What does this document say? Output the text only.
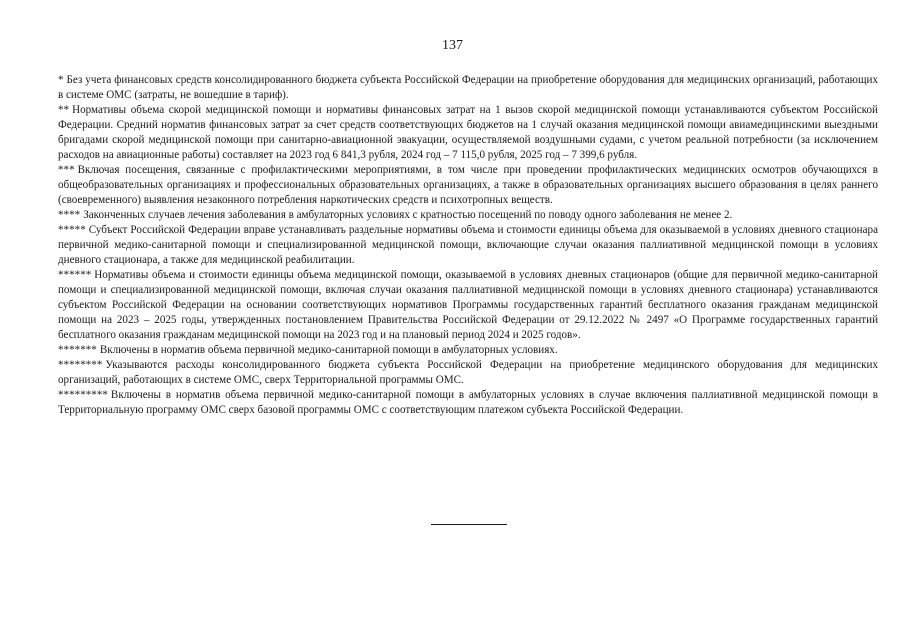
137

* Без учета финансовых средств консолидированного бюджета субъекта Российской Федерации на приобретение оборудования для медицинских организаций, работающих в системе ОМС (затраты, не вошедшие в тариф).

** Нормативы объема скорой медицинской помощи и нормативы финансовых затрат на 1 вызов скорой медицинской помощи устанавливаются субъектом Российской Федерации. Средний норматив финансовых затрат за счет средств соответствующих бюджетов на 1 случай оказания медицинской помощи авиамедицинскими выездными бригадами скорой медицинской помощи при санитарно-авиационной эвакуации, осуществляемой воздушными судами, с учетом реальной потребности (за исключением расходов на авиационные работы) составляет на 2023 год 6 841,3 рубля, 2024 год – 7 115,0 рубля, 2025 год – 7 399,6 рубля.

*** Включая посещения, связанные с профилактическими мероприятиями, в том числе при проведении профилактических медицинских осмотров обучающихся в общеобразовательных организациях и профессиональных образовательных организациях, а также в образовательных организациях высшего образования в целях раннего (своевременного) выявления незаконного потребления наркотических средств и психотропных веществ.

**** Законченных случаев лечения заболевания в амбулаторных условиях с кратностью посещений по поводу одного заболевания не менее 2.

***** Субъект Российской Федерации вправе устанавливать раздельные нормативы объема и стоимости единицы объема для оказываемой в условиях дневного стационара первичной медико-санитарной помощи и специализированной медицинской помощи, включающие случаи оказания паллиативной медицинской помощи в условиях дневного стационара, а также для медицинской реабилитации.

****** Нормативы объема и стоимости единицы объема медицинской помощи, оказываемой в условиях дневных стационаров (общие для первичной медико-санитарной помощи и специализированной медицинской помощи, включая случаи оказания паллиативной медицинской помощи в условиях дневного стационара) устанавливаются субъектом Российской Федерации на основании соответствующих нормативов Программы государственных гарантий бесплатного оказания гражданам медицинской помощи на 2023 – 2025 годы, утвержденных постановлением Правительства Российской Федерации от 29.12.2022 № 2497 «О Программе государственных гарантий бесплатного оказания гражданам медицинской помощи на 2023 год и на плановый период 2024 и 2025 годов».

******* Включены в норматив объема первичной медико-санитарной помощи в амбулаторных условиях.

******** Указываются расходы консолидированного бюджета субъекта Российской Федерации на приобретение медицинского оборудования для медицинских организаций, работающих в системе ОМС, сверх Территориальной программы ОМС.

********* Включены в норматив объема первичной медико-санитарной помощи в амбулаторных условиях в случае включения паллиативной медицинской помощи в Территориальную программу ОМС сверх базовой программы ОМС с соответствующим платежом субъекта Российской Федерации.
